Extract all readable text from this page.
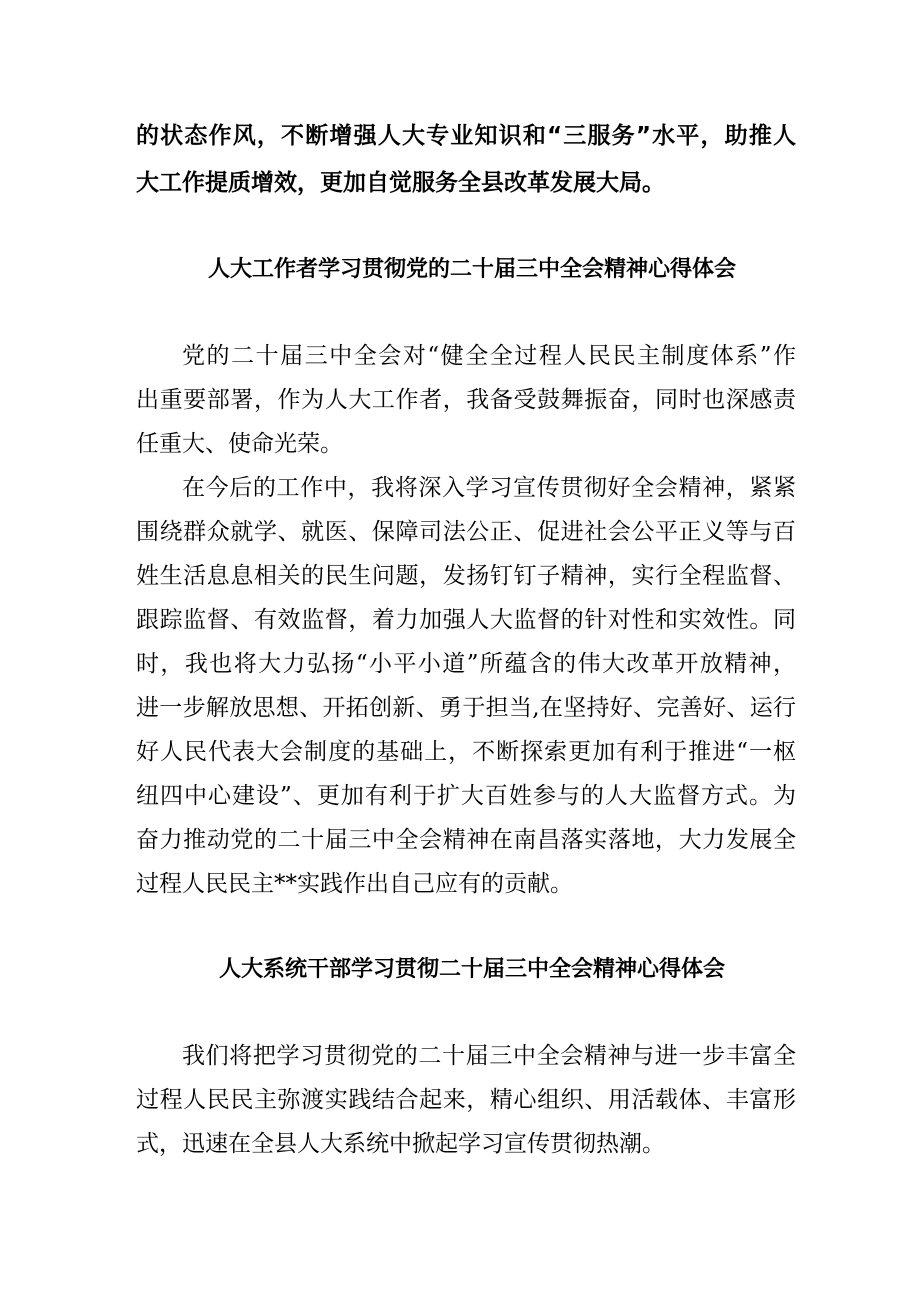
的状态作风，不断增强人大专业知识和“三服务”水平，助推人
大工作提质增效，更加自觉服务全县改革发展大局。
人大工作者学习贯彻党的二十届三中全会精神心得体会
党的二十届三中全会对“健全全过程人民民主制度体系”作
出重要部署，作为人大工作者，我备受鼓舞振奋，同时也深感责
任重大、使命光荣。
在今后的工作中，我将深入学习宣传贯彻好全会精神，紧紧
围绕群众就学、就医、保障司法公正、促进社会公平正义等与百
姓生活息息相关的民生问题，发扬钉钉子精神，实行全程监督、
跟踪监督、有效监督，着力加强人大监督的针对性和实效性。同
时，我也将大力弘扬“小平小道”所蕴含的伟大改革开放精神，
进一步解放思想、开拓创新、勇于担当,在坚持好、完善好、运行
好人民代表大会制度的基础上，不断探索更加有利于推进“一枢
纽四中心建设”、更加有利于扩大百姓参与的人大监督方式。为
奋力推动党的二十届三中全会精神在南昌落实落地，大力发展全
过程人民民主**实践作出自己应有的贡献。
人大系统干部学习贯彻二十届三中全会精神心得体会
我们将把学习贯彻党的二十届三中全会精神与进一步丰富全
过程人民民主弥渡实践结合起来，精心组织、用活载体、丰富形
式，迅速在全县人大系统中掀起学习宣传贯彻热潮。
